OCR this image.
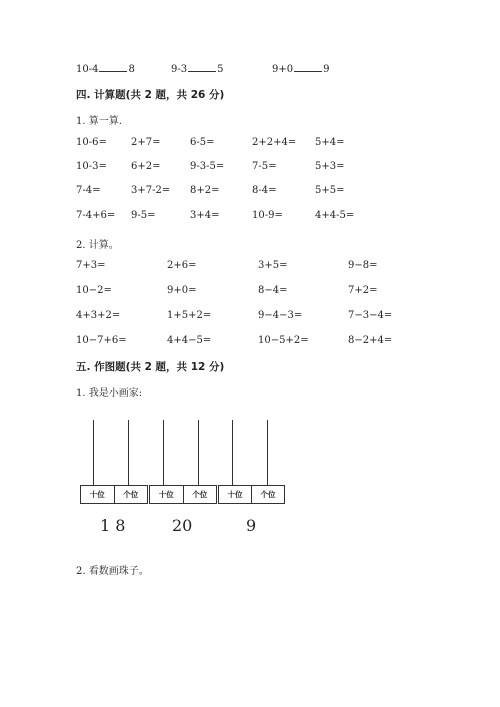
10-4	8	9-3	5	9+0	9
四. 计算题(共 2 题，共 26 分)
1. 算一算.
10-6= 2+7=	6-5=	2+2+4= 5+4=
10-3= 6+2=	9-3-5=	7-5=	5+3=
7-4=	3+7-2= 8+2=	8-4=	5+5=
7-4+6= 9-5=	3+4=	10-9=	4+4-5=
2. 计算。
7+3=	2+6=	3+5=	9−8=
10−2=	9+0=	8−4=	7+2=
4+3+2=	1+5+2=	9−4−3=	7−3−4=
10−7+6=	4+4−5=	10−5+2=	8−2+4=
五. 作图题(共 2 题，共 12 分)
1. 我是小画家:
十位	个位
1 8
十位	个位
20
十位	个位
9
2. 看数画珠子。
